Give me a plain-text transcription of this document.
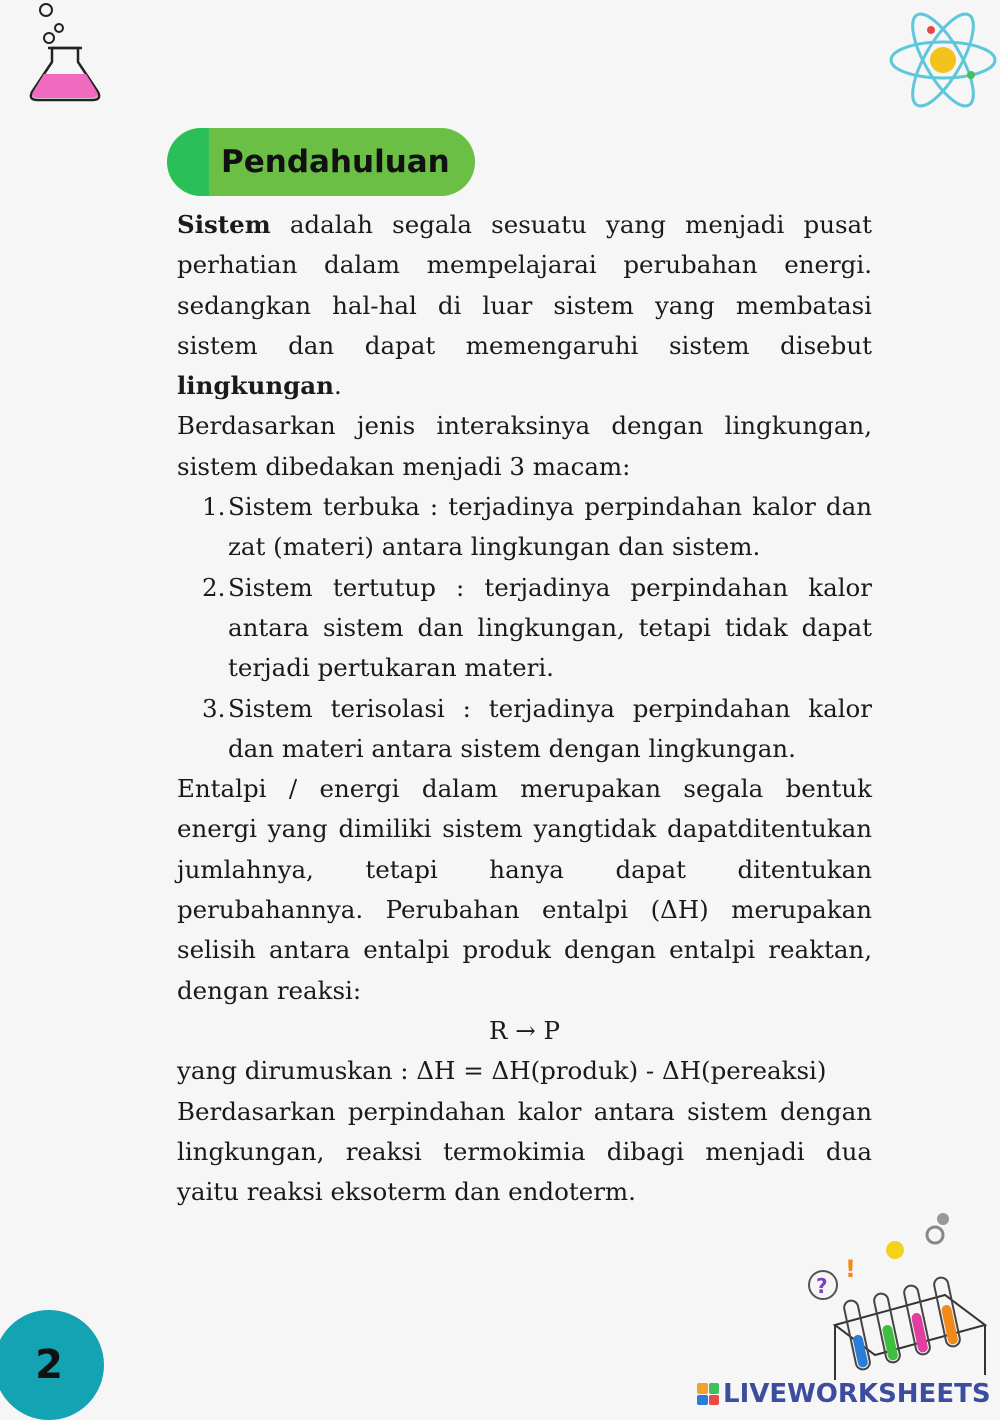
Pendahuluan

Sistem adalah segala sesuatu yang menjadi pusat perhatian dalam mempelajarai perubahan energi. sedangkan hal-hal di luar sistem yang membatasi sistem dan dapat memengaruhi sistem disebut lingkungan.

Berdasarkan jenis interaksinya dengan lingkungan, sistem dibedakan menjadi 3 macam:

1. Sistem terbuka : terjadinya perpindahan kalor dan zat (materi) antara lingkungan dan sistem.
2. Sistem tertutup : terjadinya perpindahan kalor antara sistem dan lingkungan, tetapi tidak dapat terjadi pertukaran materi.
3. Sistem terisolasi : terjadinya perpindahan kalor dan materi antara sistem dengan lingkungan.

Entalpi / energi dalam merupakan segala bentuk energi yang dimiliki sistem yangtidak dapatditentukan jumlahnya, tetapi hanya dapat ditentukan perubahannya. Perubahan entalpi (ΔH) merupakan selisih antara entalpi produk dengan entalpi reaktan, dengan reaksi:

R → P

yang dirumuskan : ΔH = ΔH(produk) - ΔH(pereaksi)

Berdasarkan perpindahan kalor antara sistem dengan lingkungan, reaksi termokimia dibagi menjadi dua yaitu reaksi eksoterm dan endoterm.

2
?
!
LIVEWORKSHEETS
